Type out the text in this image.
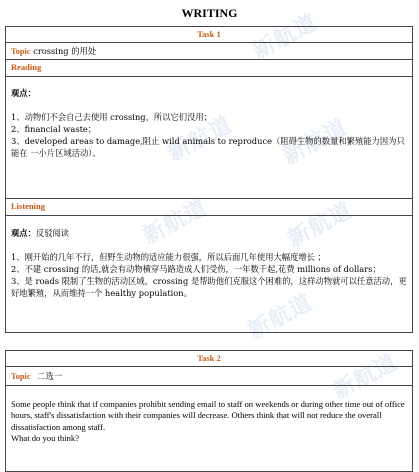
新航道
新航道
新航道
新航道	新航道
新航道
新航道
WRITING
Task 1
Topic crossing 的用处
Reading

观点：

1、动物们不会自己去使用 crossing，所以它们没用；

2、financial waste；

3、developed areas to damage,阻止 wild animals to reproduce（阻碍生物的数量和繁殖能力因为只能在 一小片区域活动）。

Listening

观点：反驳阅读

1、刚开始的几年不行，但野生动物的适应能力很强，所以后面几年使用大幅度增长 ；

2、不建 crossing 的话,就会有动物横穿马路造成人们受伤，一年数千起,花费 millions of dollars；

3、是 roads 限制了生物的活动区域，crossing 是帮助他们克服这个困难的，这样动物就可以任意活动，更好地繁殖，从而维持一个 healthy population。

Task 2
Topic 二选一

Some people think that if companies prohibit sending email to staff on weekends or during other time out of office hours, staff's dissatisfaction with their companies will decrease. Others think that will not reduce the overall dissatisfaction among staff.

What do you think?
